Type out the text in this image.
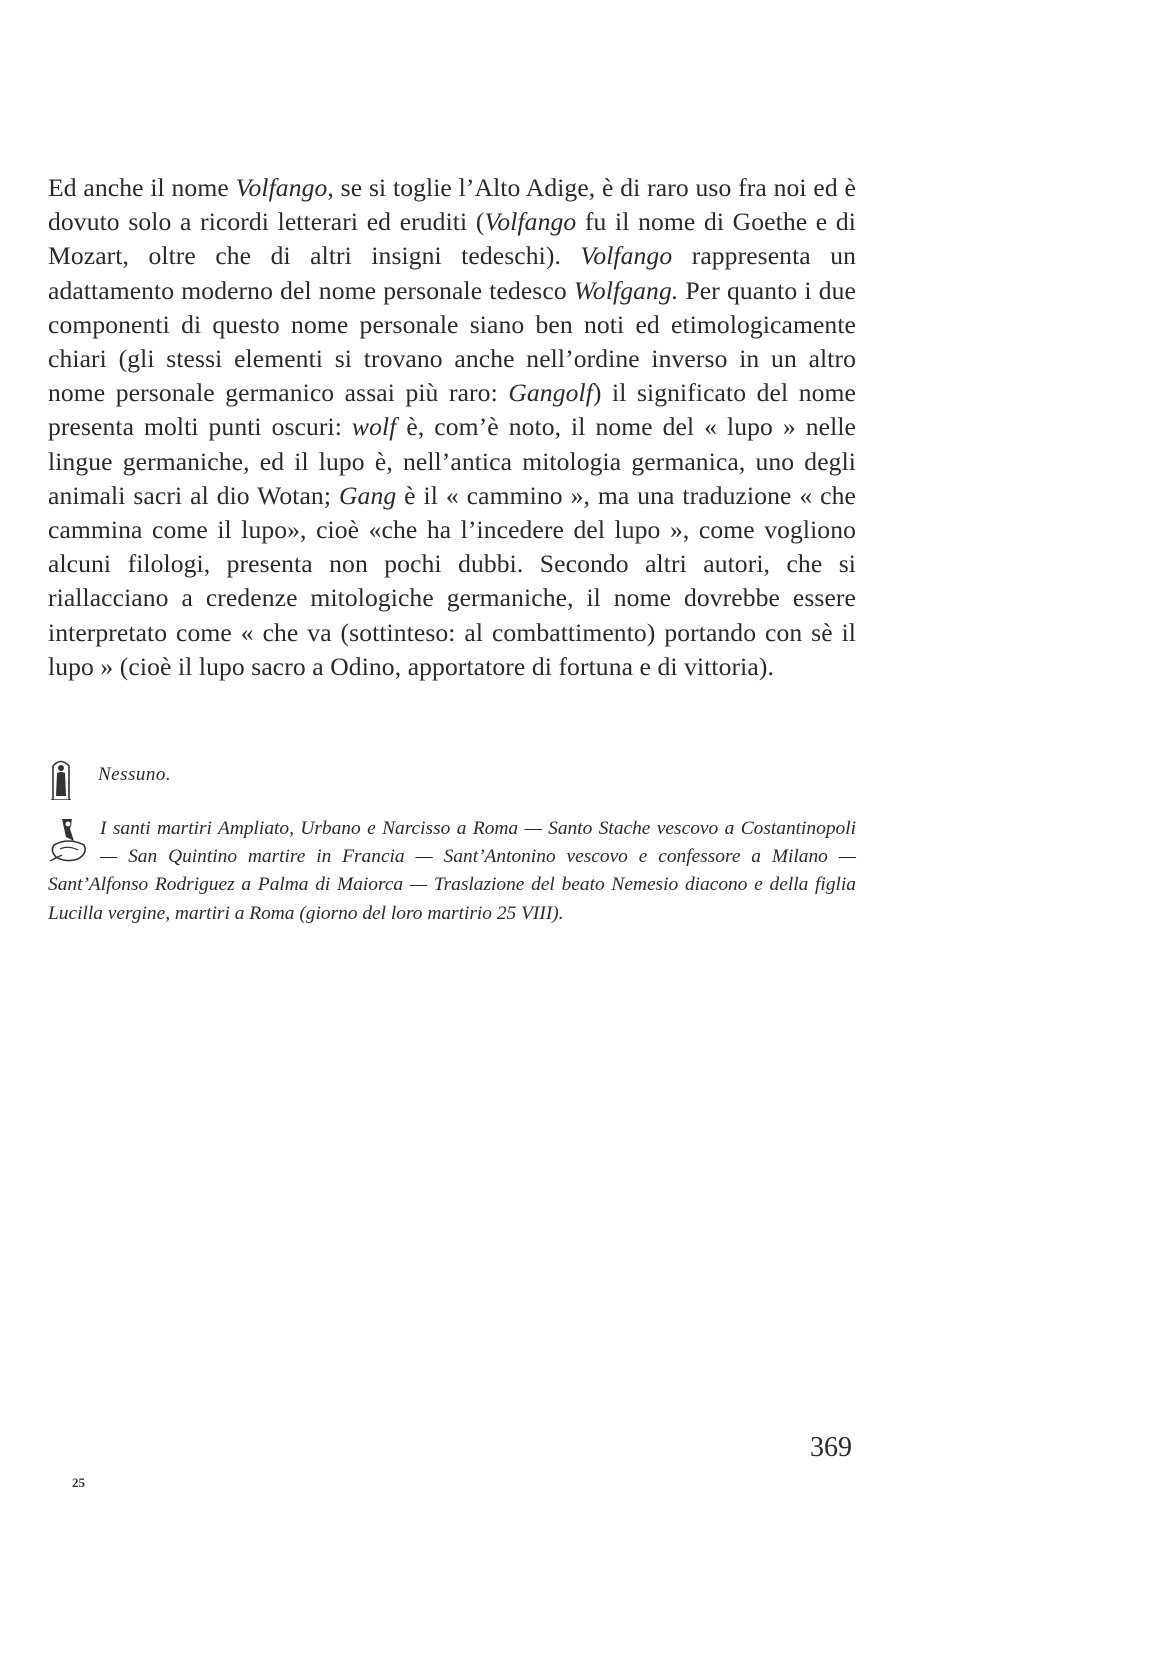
Ed anche il nome Volfango, se si toglie l’Alto Adige, è di raro uso fra noi ed è dovuto solo a ricordi letterari ed eruditi (Volfango fu il nome di Goethe e di Mozart, oltre che di altri insigni tedeschi). Volfango rappresenta un adattamento moderno del nome personale tedesco Wolfgang. Per quanto i due componenti di questo nome personale siano ben noti ed etimologicamente chiari (gli stessi elementi si trovano anche nell’ordine inverso in un altro nome personale germanico assai più raro: Gangolf) il significato del nome presenta molti punti oscuri: wolf è, com’è noto, il nome del « lupo » nelle lingue germaniche, ed il lupo è, nell’antica mitologia germanica, uno degli animali sacri al dio Wotan; Gang è il « cammino », ma una traduzione « che cammina come il lupo», cioè «che ha l’incedere del lupo », come vogliono alcuni filologi, presenta non pochi dubbi. Secondo altri autori, che si riallacciano a credenze mitologiche germaniche, il nome dovrebbe essere interpretato come « che va (sottinteso: al combattimento) portando con sè il lupo » (cioè il lupo sacro a Odino, apportatore di fortuna e di vittoria).

Nessuno.

I santi martiri Ampliato, Urbano e Narcisso a Roma — Santo Stache vescovo a Costantinopoli — San Quintino martire in Francia — Sant’Antonino vescovo e confessore a Milano — Sant’Alfonso Rodriguez a Palma di Maiorca — Traslazione del beato Nemesio diacono e della figlia Lucilla vergine, martiri a Roma (giorno del loro martirio 25 VIII).

369
25
